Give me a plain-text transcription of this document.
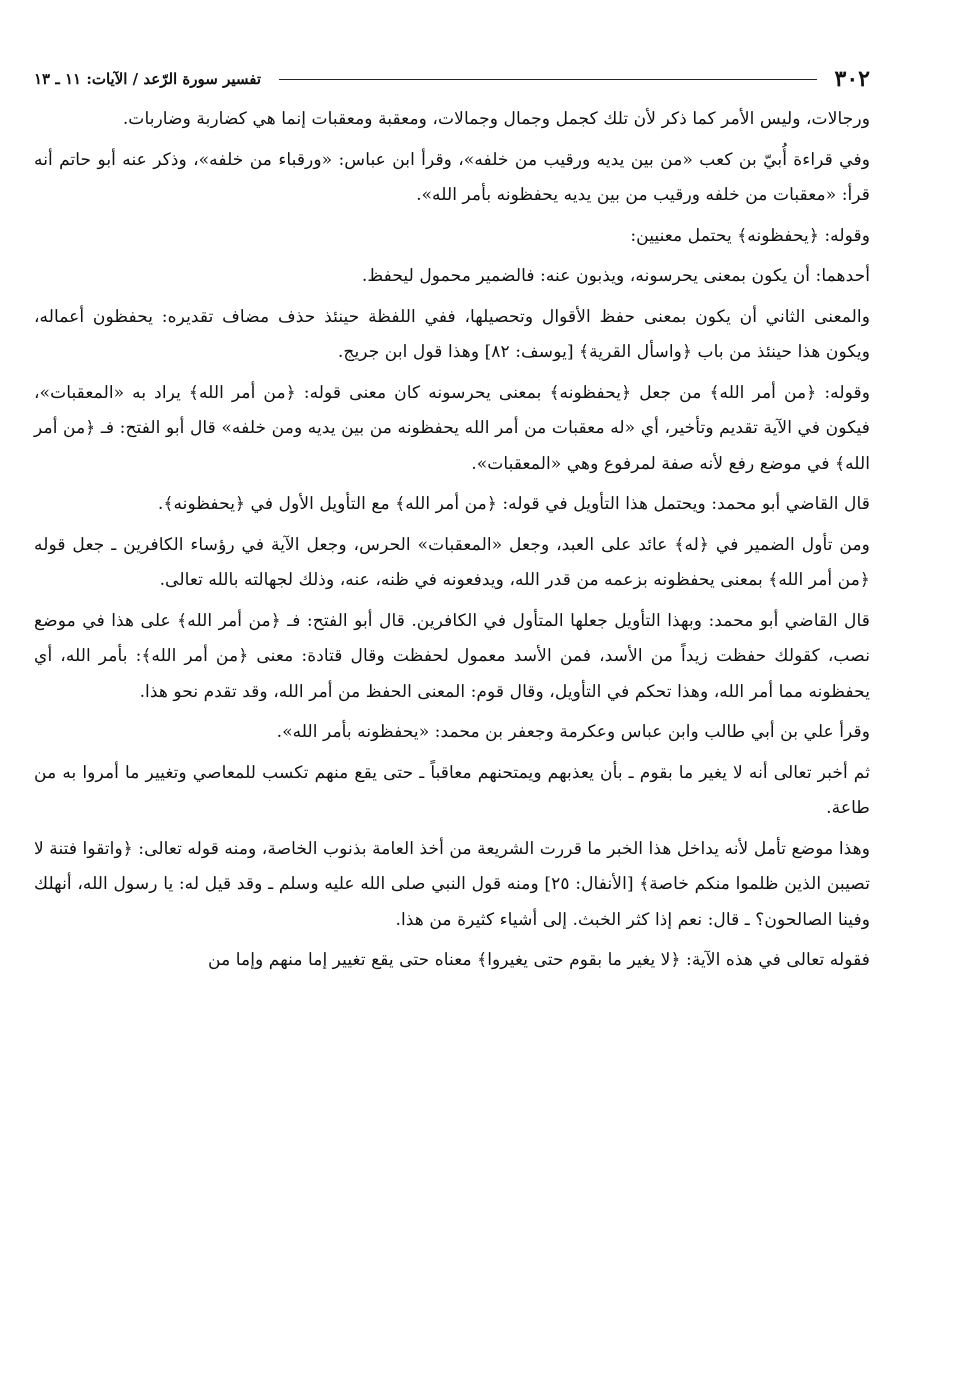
٣٠٢
تفسير سورة الرّعد / الآيات: ١١ ـ ١٣

ورجالات، وليس الأمر كما ذكر لأن تلك كجمل وجمال وجمالات، ومعقبة ومعقبات إنما هي كضاربة وضاربات.

وفي قراءة أُبيّ بن كعب «من بين يديه ورقيب من خلفه»، وقرأ ابن عباس: «ورقباء من خلفه»، وذكر عنه أبو حاتم أنه قرأ: «معقبات من خلفه ورقيب من بين يديه يحفظونه بأمر الله».

وقوله: ﴿يحفظونه﴾ يحتمل معنيين:

أحدهما: أن يكون بمعنى يحرسونه، ويذبون عنه: فالضمير محمول ليحفظ.

والمعنى الثاني أن يكون بمعنى حفظ الأقوال وتحصيلها، ففي اللفظة حينئذ حذف مضاف تقديره: يحفظون أعماله، ويكون هذا حينئذ من باب ﴿واسأل القرية﴾ [يوسف: ٨٢] وهذا قول ابن جريج.

وقوله: ﴿من أمر الله﴾ من جعل ﴿يحفظونه﴾ بمعنى يحرسونه كان معنى قوله: ﴿من أمر الله﴾ يراد به «المعقبات»، فيكون في الآية تقديم وتأخير، أي «له معقبات من أمر الله يحفظونه من بين يديه ومن خلفه» قال أبو الفتح: فـ ﴿من أمر الله﴾ في موضع رفع لأنه صفة لمرفوع وهي «المعقبات».

قال القاضي أبو محمد: ويحتمل هذا التأويل في قوله: ﴿من أمر الله﴾ مع التأويل الأول في ﴿يحفظونه﴾.

ومن تأول الضمير في ﴿له﴾ عائد على العبد، وجعل «المعقبات» الحرس، وجعل الآية في رؤساء الكافرين ـ جعل قوله ﴿من أمر الله﴾ بمعنى يحفظونه بزعمه من قدر الله، ويدفعونه في ظنه، عنه، وذلك لجهالته بالله تعالى.

قال القاضي أبو محمد: وبهذا التأويل جعلها المتأول في الكافرين. قال أبو الفتح: فـ ﴿من أمر الله﴾ على هذا في موضع نصب، كقولك حفظت زيداً من الأسد، فمن الأسد معمول لحفظت وقال قتادة: معنى ﴿من أمر الله﴾: بأمر الله، أي يحفظونه مما أمر الله، وهذا تحكم في التأويل، وقال قوم: المعنى الحفظ من أمر الله، وقد تقدم نحو هذا.

وقرأ علي بن أبي طالب وابن عباس وعكرمة وجعفر بن محمد: «يحفظونه بأمر الله».

ثم أخبر تعالى أنه لا يغير ما بقوم ـ بأن يعذبهم ويمتحنهم معاقباً ـ حتى يقع منهم تكسب للمعاصي وتغيير ما أمروا به من طاعة.

وهذا موضع تأمل لأنه يداخل هذا الخبر ما قررت الشريعة من أخذ العامة بذنوب الخاصة، ومنه قوله تعالى: ﴿واتقوا فتنة لا تصيبن الذين ظلموا منكم خاصة﴾ [الأنفال: ٢٥] ومنه قول النبي صلى الله عليه وسلم ـ وقد قيل له: يا رسول الله، أنهلك وفينا الصالحون؟ ـ قال: نعم إذا كثر الخبث. إلى أشياء كثيرة من هذا.

فقوله تعالى في هذه الآية: ﴿لا يغير ما بقوم حتى يغيروا﴾ معناه حتى يقع تغيير إما منهم وإما من
